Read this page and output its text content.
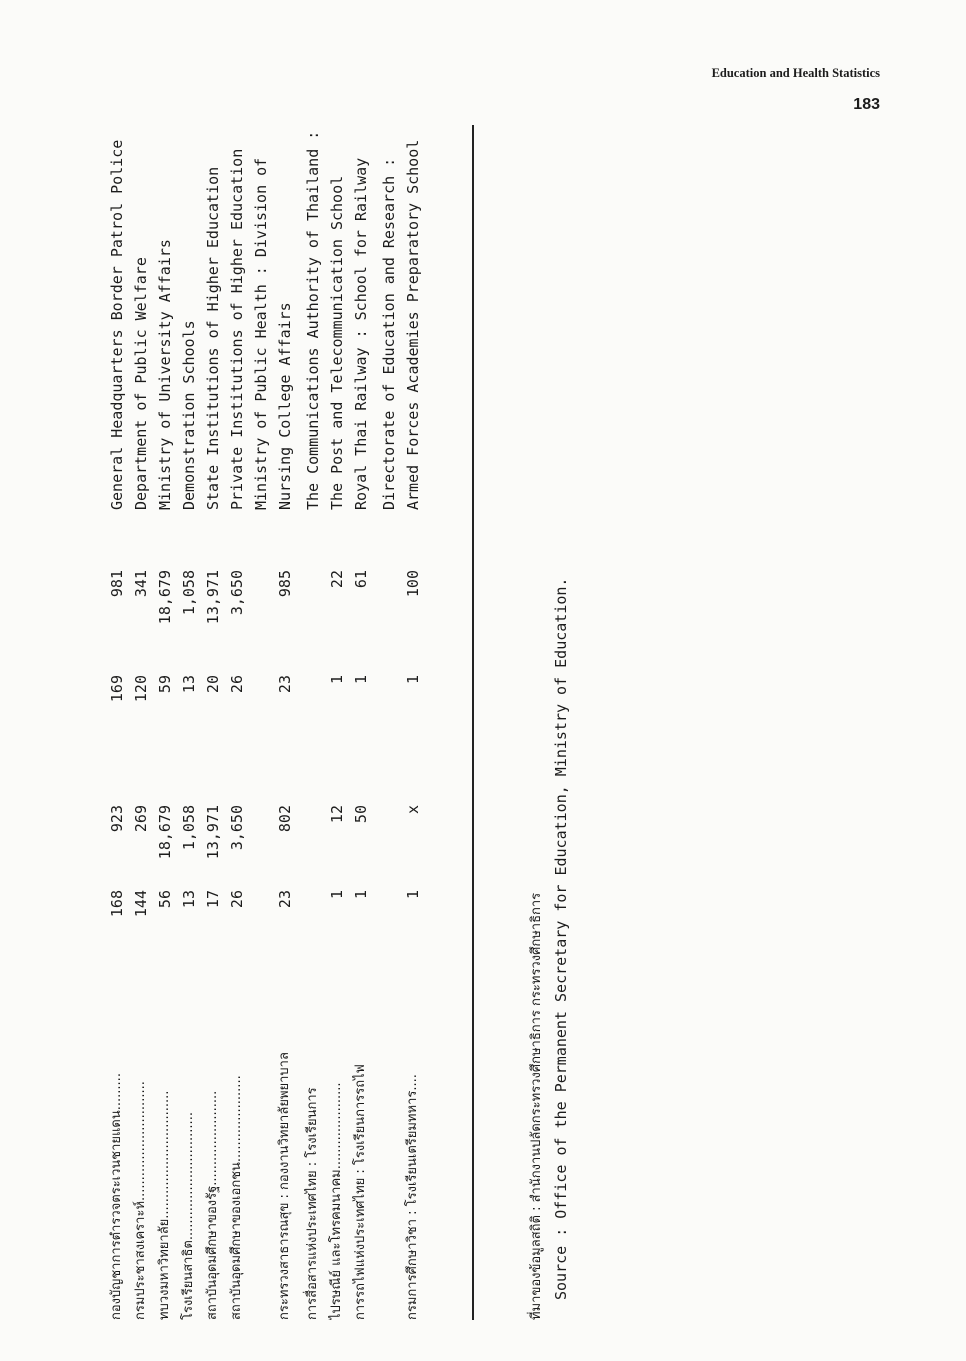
Education and Health Statistics
183
กองบัญชาการตำรวจตระเวนชายแดน.........
168
923
169
981
General Headquarters Border Patrol Police
กรมประชาสงเคราะห์.............................
144
269
120
341
Department of Public Welfare
ทบวงมหาวิทยาลัย...............................
56
18,679
59
18,679
Ministry of University Affairs
โรงเรียนสาธิต...............................
13
1,058
13
1,058
Demonstration Schools
สถาบันอุดมศึกษาของรัฐ.......................
17
13,971
20
13,971
State Institutions of Higher Education
สถาบันอุดมศึกษาของเอกชน.....................
26
3,650
26
3,650
Private Institutions of Higher Education Ministry of Public Health : Division of
กระทรวงสาธารณสุข : กองงานวิทยาลัยพยาบาล
23
802
23
985
Nursing College Affairs
การสื่อสารแห่งประเทศไทย : โรงเรียนการ
The Communications Authority of Thailand :
ไปรษณีย์ และโทรคมนาคม.....................
1
12
1
22
The Post and Telecommunication School
การรถไฟแห่งประเทศไทย : โรงเรียนการรถไฟ
1
50
1
61
Royal Thai Railway : School for Railway Directorate of Education and Research :
กรมการศึกษาวิชา : โรงเรียนเตรียมทหาร....
1
x
1
100
Armed Forces Academies Preparatory School
ที่มาของข้อมูลสถิติ : สำนักงานปลัดกระทรวงศึกษาธิการ กระทรวงศึกษาธิการ Source : Office of the Permanent Secretary for Education, Ministry of Education.
